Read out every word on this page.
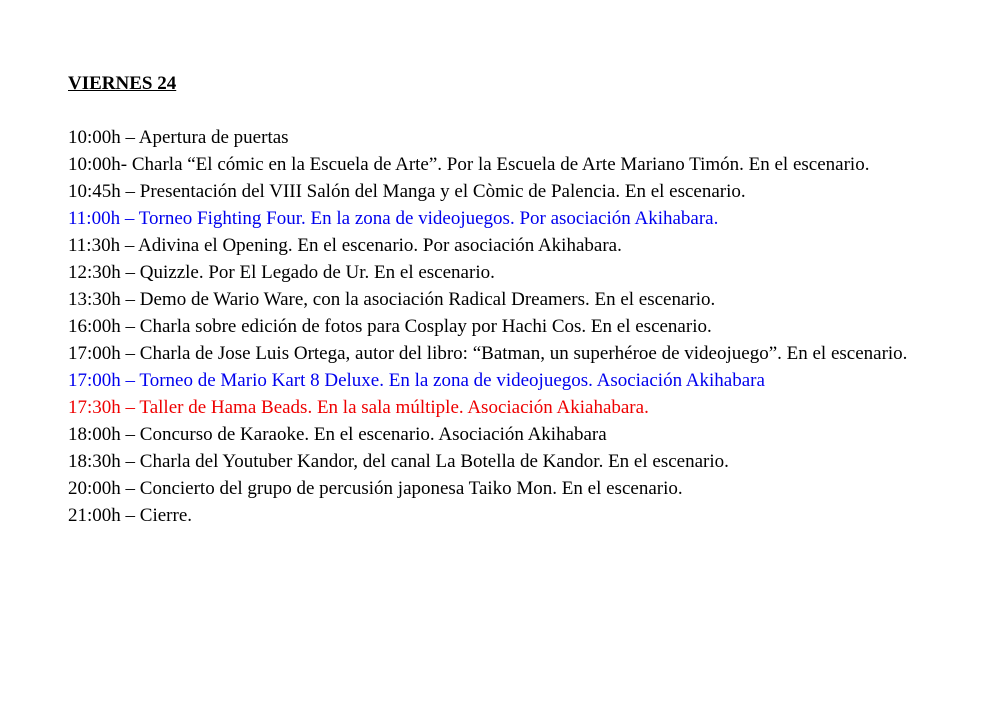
VIERNES 24

10:00h – Apertura de puertas

10:00h- Charla “El cómic en la Escuela de Arte”. Por la Escuela de Arte Mariano Timón. En el escenario.

10:45h – Presentación del VIII Salón del Manga y el Còmic de Palencia. En el escenario.

11:00h – Torneo Fighting Four. En la zona de videojuegos. Por asociación Akihabara.

11:30h – Adivina el Opening. En el escenario. Por asociación Akihabara.

12:30h – Quizzle. Por El Legado de Ur. En el escenario.

13:30h – Demo de Wario Ware, con la asociación Radical Dreamers. En el escenario.

16:00h – Charla sobre edición de fotos para Cosplay por Hachi Cos. En el escenario.

17:00h – Charla de Jose Luis Ortega, autor del libro: “Batman, un superhéroe de videojuego”. En el escenario.

17:00h – Torneo de Mario Kart 8 Deluxe. En la zona de videojuegos. Asociación Akihabara

17:30h – Taller de Hama Beads. En la sala múltiple. Asociación Akiahabara.

18:00h – Concurso de Karaoke. En el escenario. Asociación Akihabara

18:30h – Charla del Youtuber Kandor, del canal La Botella de Kandor. En el escenario.

20:00h – Concierto del grupo de percusión japonesa Taiko Mon. En el escenario.

21:00h – Cierre.
